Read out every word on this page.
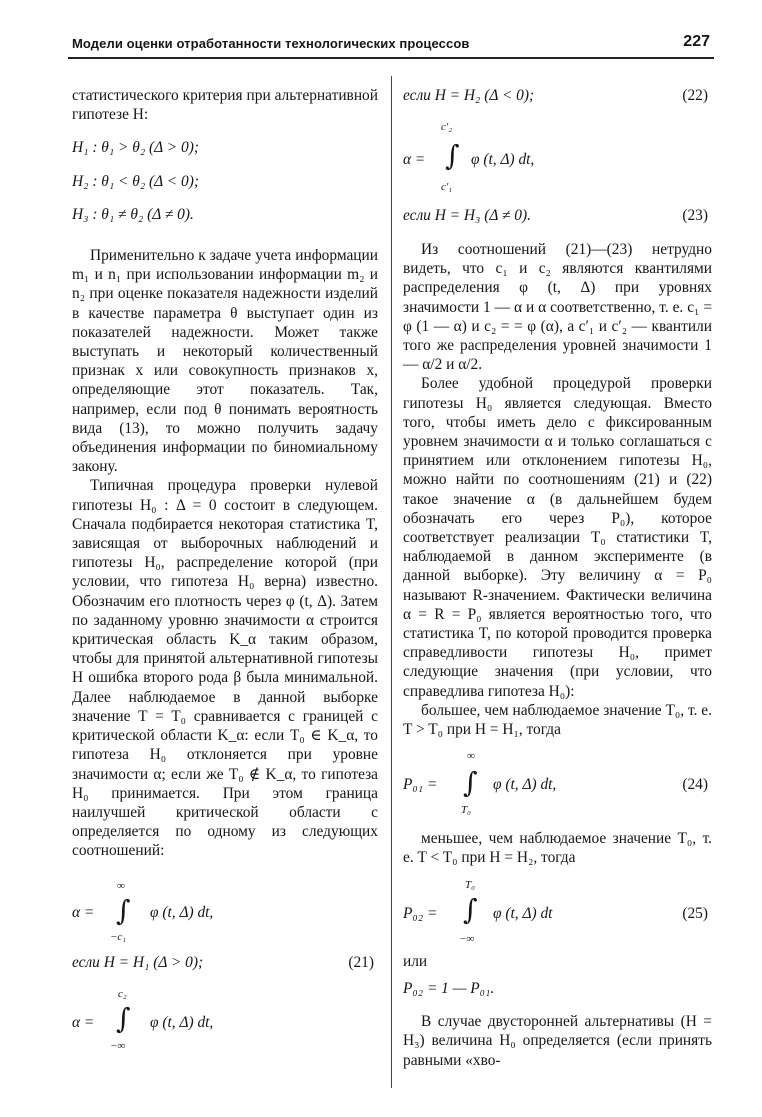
Модели оценки отработанности технологических процессов	227

статистического критерия при альтернативной гипотезе H:

H₁ : θ₁ > θ₂ (Δ > 0);

H₂ : θ₁ < θ₂ (Δ < 0);

H₃ : θ₁ ≠ θ₂ (Δ ≠ 0).

Применительно к задаче учета информации m₁ и n₁ при использовании информации m₂ и n₂ при оценке показателя надежности изделий в качестве параметра θ выступает один из показателей надежности. Может также выступать и некоторый количественный признак x или совокупность признаков x, определяющие этот показатель. Так, например, если под θ понимать вероятность вида (13), то можно получить задачу объединения информации по биномиальному закону.

Типичная процедура проверки нулевой гипотезы H₀ : Δ = 0 состоит в следующем. Сначала подбирается некоторая статистика T, зависящая от выборочных наблюдений и гипотезы H₀, распределение которой (при условии, что гипотеза H₀ верна) известно. Обозначим его плотность через φ (t, Δ). Затем по заданному уровню значимости α строится критическая область K_α таким образом, чтобы для принятой альтернативной гипотезы H ошибка второго рода β была минимальной. Далее наблюдаемое в данной выборке значение T = T₀ сравнивается с границей c критической области K_α: если T₀ ∈ K_α, то гипотеза H₀ отклоняется при уровне значимости α; если же T₀ ∉ K_α, то гипотеза H₀ принимается. При этом граница наилучшей критической области c определяется по одному из следующих соотношений:

α =
∞
∫
−c₁
φ (t, Δ) dt,
если H = H₁ (Δ > 0);	(21)
α =
c₂
∫
−∞
φ (t, Δ) dt,
если H = H₂ (Δ < 0);	(22)
α =
c′₂
∫
c′₁
φ (t, Δ) dt,
если H = H₃ (Δ ≠ 0).	(23)

Из соотношений (21)—(23) нетрудно видеть, что c₁ и c₂ являются квантилями распределения φ (t, Δ) при уровнях значимости 1 — α и α соответственно, т. е. c₁ = φ (1 — α) и c₂ = = φ (α), а c′₁ и c′₂ — квантили того же распределения уровней значимости 1 — α/2 и α/2.

Более удобной процедурой проверки гипотезы H₀ является следующая. Вместо того, чтобы иметь дело с фиксированным уровнем значимости α и только соглашаться с принятием или отклонением гипотезы H₀, можно найти по соотношениям (21) и (22) такое значение α (в дальнейшем будем обозначать его через P₀), которое соответствует реализации T₀ статистики T, наблюдаемой в данном эксперименте (в данной выборке). Эту величину α = P₀ называют R-значением. Фактически величина α = R = P₀ является вероятностью того, что статистика T, по которой проводится проверка справедливости гипотезы H₀, примет следующие значения (при условии, что справедлива гипотеза H₀):

большее, чем наблюдаемое значение T₀, т. е. T > T₀ при H = H₁, тогда

P₀₁ =
∞
∫
T₀
φ (t, Δ) dt,	(24)

меньшее, чем наблюдаемое значение T₀, т. е. T < T₀ при H = H₂, тогда

P₀₂ =
T₀
∫
−∞
φ (t, Δ) dt	(25)

или

P₀₂ = 1 — P₀₁.

В случае двусторонней альтернативы (H = H₃) величина H₀ определяется (если принять равными «хво-
